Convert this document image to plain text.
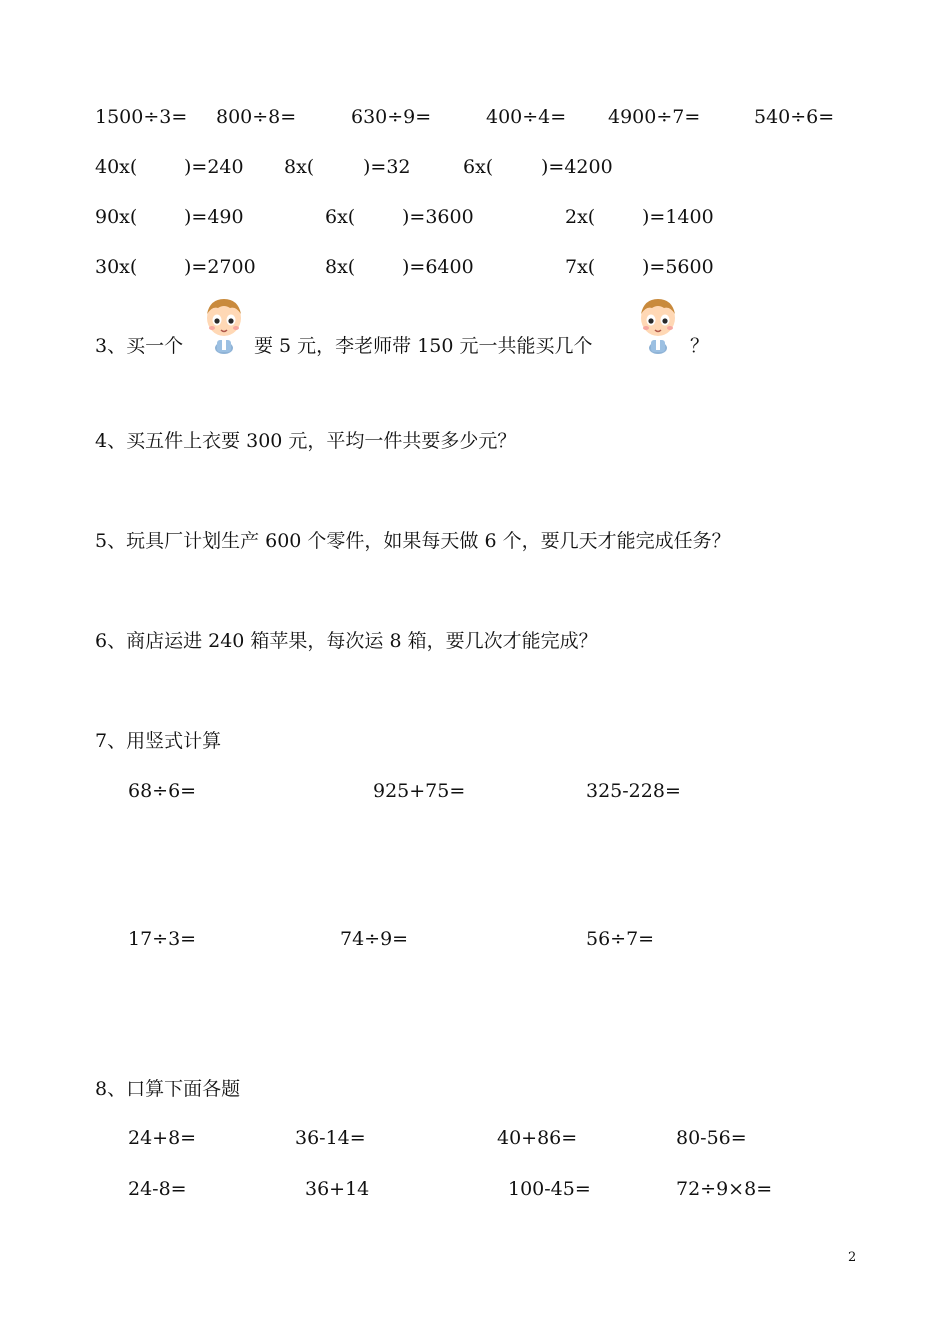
1500÷3= 800÷8=	630÷9=	400÷4= 4900÷7=	540÷6=
40x( )=240 8x(	)=32	6x(	)=4200
90x( )=490	6x( )=3600	2x( )=1400
30x( )=2700	8x( )=6400	7x( )=5600
3、买一个	要 5 元，李老师带 150 元一共能买几个	？
4、买五件上衣要 300 元，平均一件共要多少元？
5、玩具厂计划生产 600 个零件，如果每天做 6 个，要几天才能完成任务？
6、商店运进 240 箱苹果，每次运 8 箱，要几次才能完成？
7、用竖式计算
68÷6=	925+75=	325-228=
17÷3=	74÷9=	56÷7=
8、口算下面各题
24+8=	36-14=	40+86=	80-56=
24-8=	36+14	100-45=	72÷9×8=
2
